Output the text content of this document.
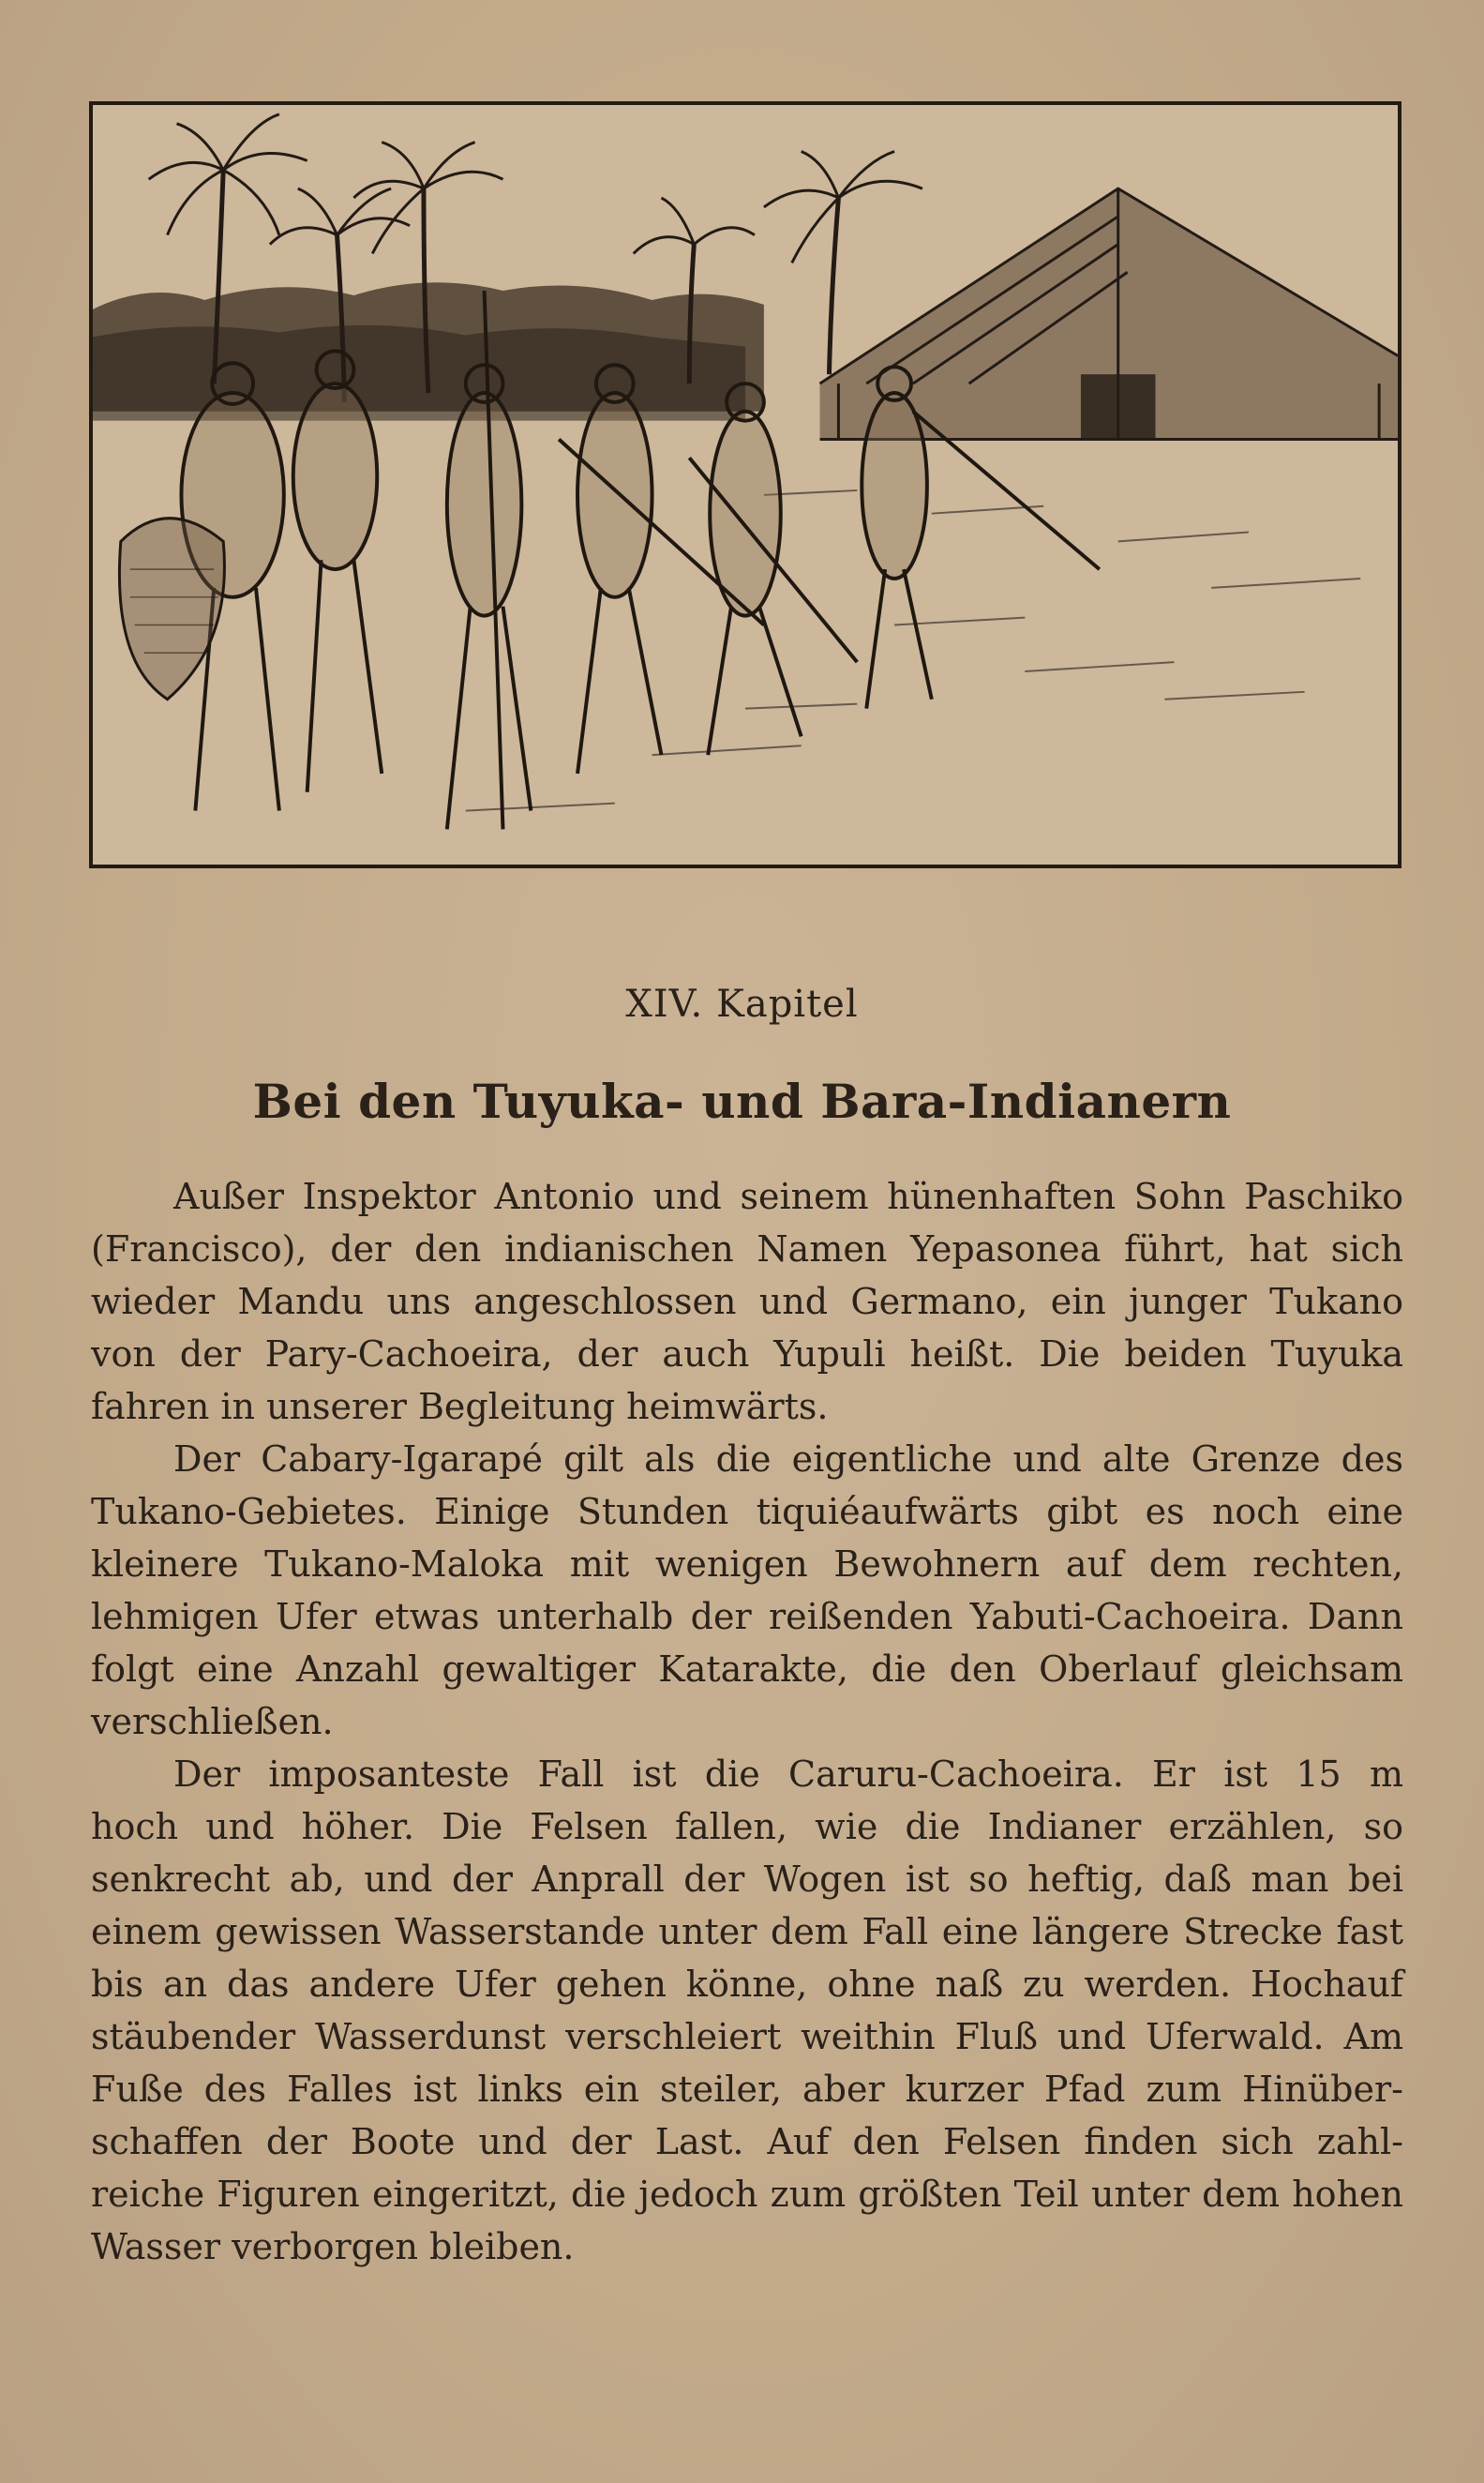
XIV. Kapitel
Bei den Tuyuka- und Bara-Indianern

Außer Inspektor Antonio und seinem hünenhaften Sohn Paschiko
(Francisco), der den indianischen Namen Yepasonea führt, hat sich
wieder Mandu uns angeschlossen und Germano, ein junger Tukano
von der Pary-Cachoeira, der auch Yupuli heißt. Die beiden Tuyuka
fahren in unserer Begleitung heimwärts.

Der Cabary-Igarapé gilt als die eigentliche und alte Grenze des
Tukano-Gebietes. Einige Stunden tiquiéaufwärts gibt es noch eine
kleinere Tukano-Maloka mit wenigen Bewohnern auf dem rechten,
lehmigen Ufer etwas unterhalb der reißenden Yabuti-Cachoeira. Dann
folgt eine Anzahl gewaltiger Katarakte, die den Oberlauf gleichsam
verschließen.

Der imposanteste Fall ist die Caruru-Cachoeira. Er ist 15 m
hoch und höher. Die Felsen fallen, wie die Indianer erzählen, so
senkrecht ab, und der Anprall der Wogen ist so heftig, daß man bei
einem gewissen Wasserstande unter dem Fall eine längere Strecke fast
bis an das andere Ufer gehen könne, ohne naß zu werden. Hochauf
stäubender Wasserdunst verschleiert weithin Fluß und Uferwald. Am
Fuße des Falles ist links ein steiler, aber kurzer Pfad zum Hinüber-
schaffen der Boote und der Last. Auf den Felsen finden sich zahl-
reiche Figuren eingeritzt, die jedoch zum größten Teil unter dem hohen
Wasser verborgen bleiben.
